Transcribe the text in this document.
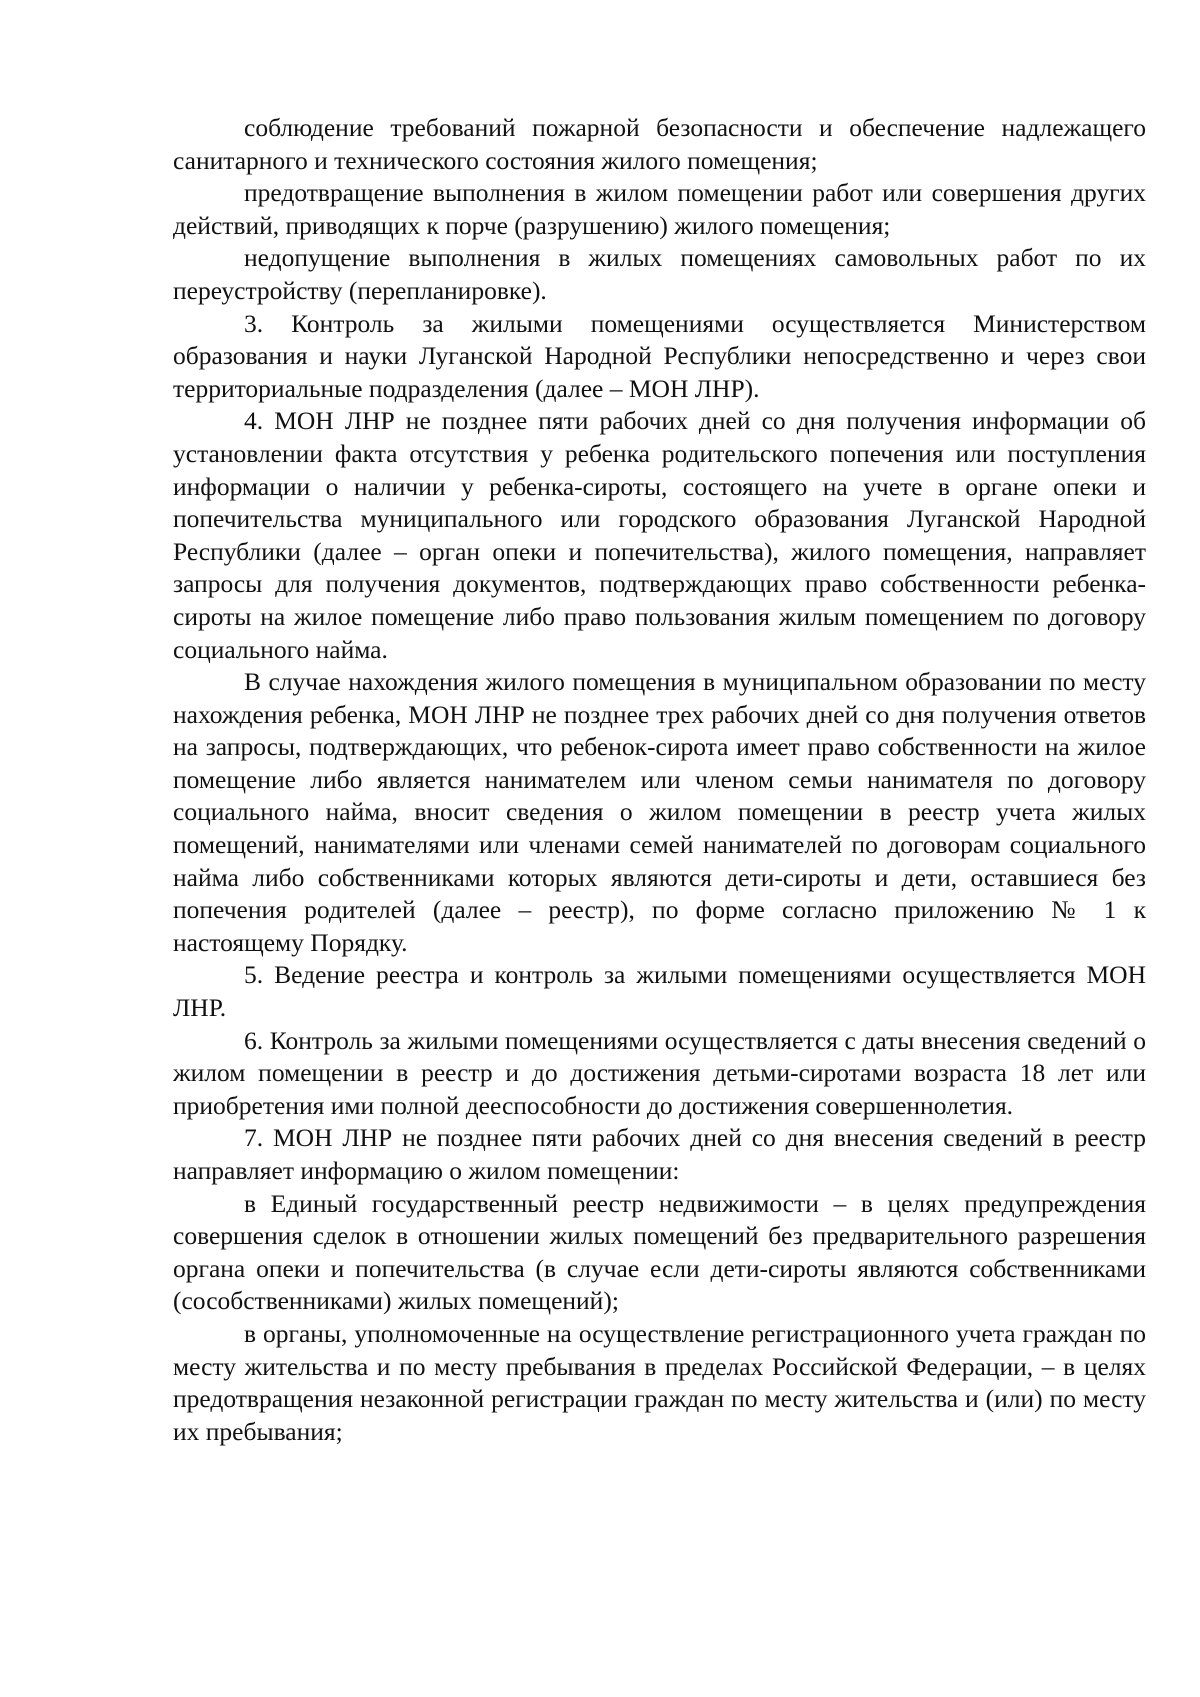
соблюдение требований пожарной безопасности и обеспечение надлежащего санитарного и технического состояния жилого помещения;

предотвращение выполнения в жилом помещении работ или совершения других действий, приводящих к порче (разрушению) жилого помещения;

недопущение выполнения в жилых помещениях самовольных работ по их переустройству (перепланировке).

3. Контроль за жилыми помещениями осуществляется Министерством образования и науки Луганской Народной Республики непосредственно и через свои территориальные подразделения (далее – МОН ЛНР).

4. МОН ЛНР не позднее пяти рабочих дней со дня получения информации об установлении факта отсутствия у ребенка родительского попечения или поступления информации о наличии у ребенка-сироты, состоящего на учете в органе опеки и попечительства муниципального или городского образования Луганской Народной Республики (далее – орган опеки и попечительства), жилого помещения, направляет запросы для получения документов, подтверждающих право собственности ребенка-сироты на жилое помещение либо право пользования жилым помещением по договору социального найма.

В случае нахождения жилого помещения в муниципальном образовании по месту нахождения ребенка, МОН ЛНР не позднее трех рабочих дней со дня получения ответов на запросы, подтверждающих, что ребенок-сирота имеет право собственности на жилое помещение либо является нанимателем или членом семьи нанимателя по договору социального найма, вносит сведения о жилом помещении в реестр учета жилых помещений, нанимателями или членами семей нанимателей по договорам социального найма либо собственниками которых являются дети-сироты и дети, оставшиеся без попечения родителей (далее – реестр), по форме согласно приложению № 1 к настоящему Порядку.

5. Ведение реестра и контроль за жилыми помещениями осуществляется МОН ЛНР.

6. Контроль за жилыми помещениями осуществляется с даты внесения сведений о жилом помещении в реестр и до достижения детьми-сиротами возраста 18 лет или приобретения ими полной дееспособности до достижения совершеннолетия.

7. МОН ЛНР не позднее пяти рабочих дней со дня внесения сведений в реестр направляет информацию о жилом помещении:

в Единый государственный реестр недвижимости – в целях предупреждения совершения сделок в отношении жилых помещений без предварительного разрешения органа опеки и попечительства (в случае если дети-сироты являются собственниками (сособственниками) жилых помещений);

в органы, уполномоченные на осуществление регистрационного учета граждан по месту жительства и по месту пребывания в пределах Российской Федерации, – в целях предотвращения незаконной регистрации граждан по месту жительства и (или) по месту их пребывания;
